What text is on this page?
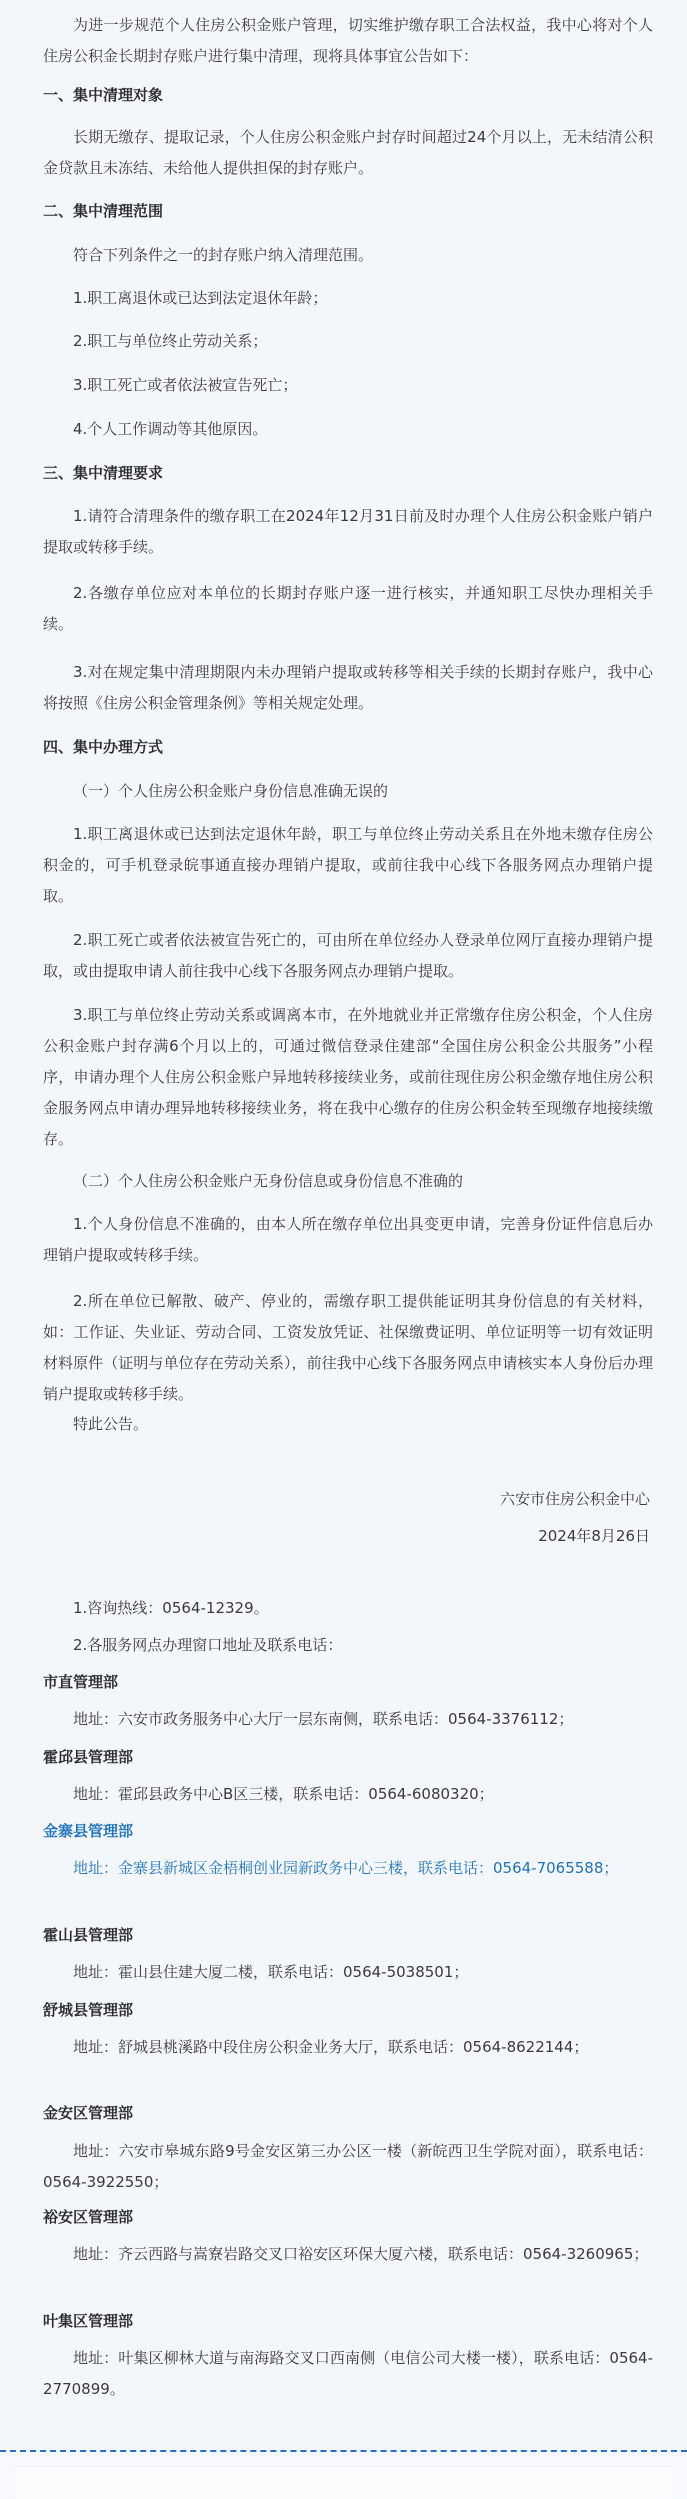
为进一步规范个人住房公积金账户管理，切实维护缴存职工合法权益，我中心将对个人住房公积金长期封存账户进行集中清理，现将具体事宜公告如下：

一、集中清理对象

长期无缴存、提取记录，个人住房公积金账户封存时间超过24个月以上，无未结清公积金贷款且未冻结、未给他人提供担保的封存账户。

二、集中清理范围

符合下列条件之一的封存账户纳入清理范围。

1.职工离退休或已达到法定退休年龄；

2.职工与单位终止劳动关系；

3.职工死亡或者依法被宣告死亡；

4.个人工作调动等其他原因。

三、集中清理要求

1.请符合清理条件的缴存职工在2024年12月31日前及时办理个人住房公积金账户销户提取或转移手续。

2.各缴存单位应对本单位的长期封存账户逐一进行核实，并通知职工尽快办理相关手续。

3.对在规定集中清理期限内未办理销户提取或转移等相关手续的长期封存账户，我中心将按照《住房公积金管理条例》等相关规定处理。

四、集中办理方式

（一）个人住房公积金账户身份信息准确无误的

1.职工离退休或已达到法定退休年龄，职工与单位终止劳动关系且在外地未缴存住房公积金的，可手机登录皖事通直接办理销户提取，或前往我中心线下各服务网点办理销户提取。

2.职工死亡或者依法被宣告死亡的，可由所在单位经办人登录单位网厅直接办理销户提取，或由提取申请人前往我中心线下各服务网点办理销户提取。

3.职工与单位终止劳动关系或调离本市，在外地就业并正常缴存住房公积金，个人住房公积金账户封存满6个月以上的，可通过微信登录住建部“全国住房公积金公共服务”小程序，申请办理个人住房公积金账户异地转移接续业务，或前往现住房公积金缴存地住房公积金服务网点申请办理异地转移接续业务，将在我中心缴存的住房公积金转至现缴存地接续缴存。

（二）个人住房公积金账户无身份信息或身份信息不准确的

1.个人身份信息不准确的，由本人所在缴存单位出具变更申请，完善身份证件信息后办理销户提取或转移手续。

2.所在单位已解散、破产、停业的，需缴存职工提供能证明其身份信息的有关材料，如：工作证、失业证、劳动合同、工资发放凭证、社保缴费证明、单位证明等一切有效证明材料原件（证明与单位存在劳动关系），前往我中心线下各服务网点申请核实本人身份后办理销户提取或转移手续。

特此公告。

六安市住房公积金中心
2024年8月26日

1.咨询热线：0564-12329。

2.各服务网点办理窗口地址及联系电话：

市直管理部

地址：六安市政务服务中心大厅一层东南侧，联系电话：0564-3376112；

霍邱县管理部

地址：霍邱县政务中心B区三楼，联系电话：0564-6080320；

金寨县管理部

地址：金寨县新城区金梧桐创业园新政务中心三楼，联系电话：0564-7065588；

霍山县管理部

地址：霍山县住建大厦二楼，联系电话：0564-5038501；

舒城县管理部

地址：舒城县桃溪路中段住房公积金业务大厅，联系电话：0564-8622144；

金安区管理部

地址：六安市皋城东路9号金安区第三办公区一楼（新皖西卫生学院对面），联系电话：0564-3922550；

裕安区管理部

地址：齐云西路与嵩寮岩路交叉口裕安区环保大厦六楼，联系电话：0564-3260965；

叶集区管理部

地址：叶集区柳林大道与南海路交叉口西南侧（电信公司大楼一楼），联系电话：0564-2770899。
